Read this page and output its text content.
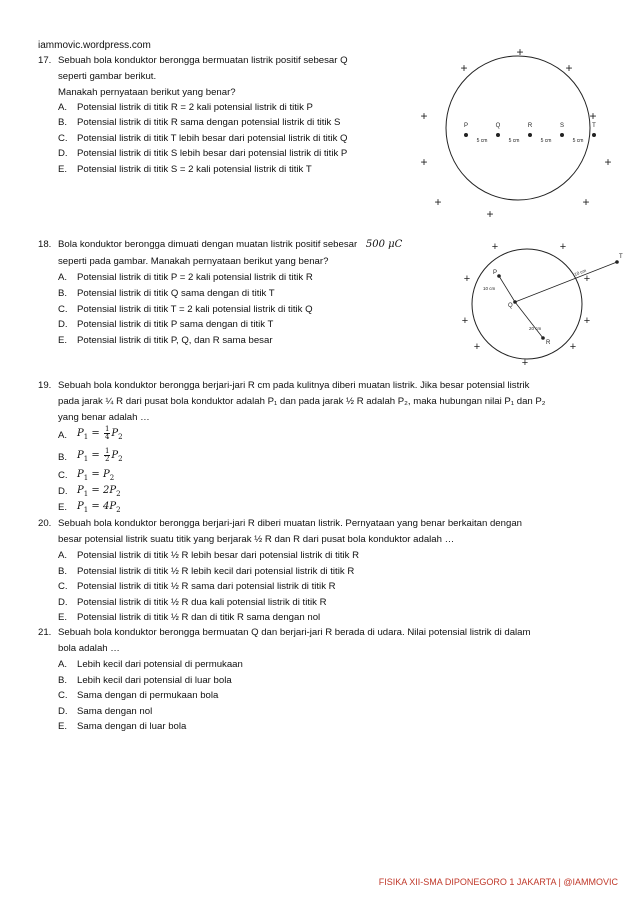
iammovic.wordpress.com
17. Sebuah bola konduktor berongga bermuatan listrik positif sebesar Q
seperti gambar berikut.
Manakah pernyataan berikut yang benar?
A.	Potensial listrik di titik R = 2 kali potensial listrik di titik P
B.	Potensial listrik di titik R sama dengan potensial listrik di titik S
C. Potensial listrik di titik T lebih besar dari potensial listrik di titik Q
D. Potensial listrik di titik S lebih besar dari potensial listrik di titik P
E.	Potensial listrik di titik S = 2 kali potensial listrik di titik T
+
+
+
+	+
+	+
+
+
+
P	Q	R	S	T
5 cm	5 cm	5 cm	5 cm
18. Bola konduktor berongga dimuati dengan muatan listrik positif sebesar 500 μC
seperti pada gambar. Manakah pernyataan berikut yang benar?
A.	Potensial listrik di titik P = 2 kali potensial listrik di titik R
B.	Potensial listrik di titik Q sama dengan di titik T
C. Potensial listrik di titik T = 2 kali potensial listrik di titik Q
D. Potensial listrik di titik P sama dengan di titik T
E.	Potensial listrik di titik P, Q, dan R sama besar
+	+
+	+
+	+
+	+
+
P
Q
R
T
10 cm
20 cm
10 cm
19. Sebuah bola konduktor berongga berjari-jari R cm pada kulitnya diberi muatan listrik. Jika besar potensial listrik
pada jarak ¼ R dari pusat bola konduktor adalah P₁ dan pada jarak ½ R adalah P₂, maka hubungan nilai P₁ dan P₂
yang benar adalah …
A. $P_1 = \frac{1}{4} P_2$
B. $P_1 = \frac{1}{2} P_2$
C. $P_1 = P_2$
D. $P_1 = 2P_2$
E. $P_1 = 4P_2$
20. Sebuah bola konduktor berongga berjari-jari R diberi muatan listrik. Pernyataan yang benar berkaitan dengan
besar potensial listrik suatu titik yang berjarak ½ R dan R dari pusat bola konduktor adalah …
A.	Potensial listrik di titik ½ R lebih besar dari potensial listrik di titik R
B.	Potensial listrik di titik ½ R lebih kecil dari potensial listrik di titik R
C. Potensial listrik di titik ½ R sama dari potensial listrik di titik R
D. Potensial listrik di titik ½ R dua kali potensial listrik di titik R
E.	Potensial listrik di titik ½ R dan di titik R sama dengan nol
21. Sebuah bola konduktor berongga bermuatan Q dan berjari-jari R berada di udara. Nilai potensial listrik di dalam
bola adalah …
A.	Lebih kecil dari potensial di permukaan
B.	Lebih kecil dari potensial di luar bola
C. Sama dengan di permukaan bola
D. Sama dengan nol
E.	Sama dengan di luar bola
FISIKA XII-SMA DIPONEGORO 1 JAKARTA | @IAMMOVIC
